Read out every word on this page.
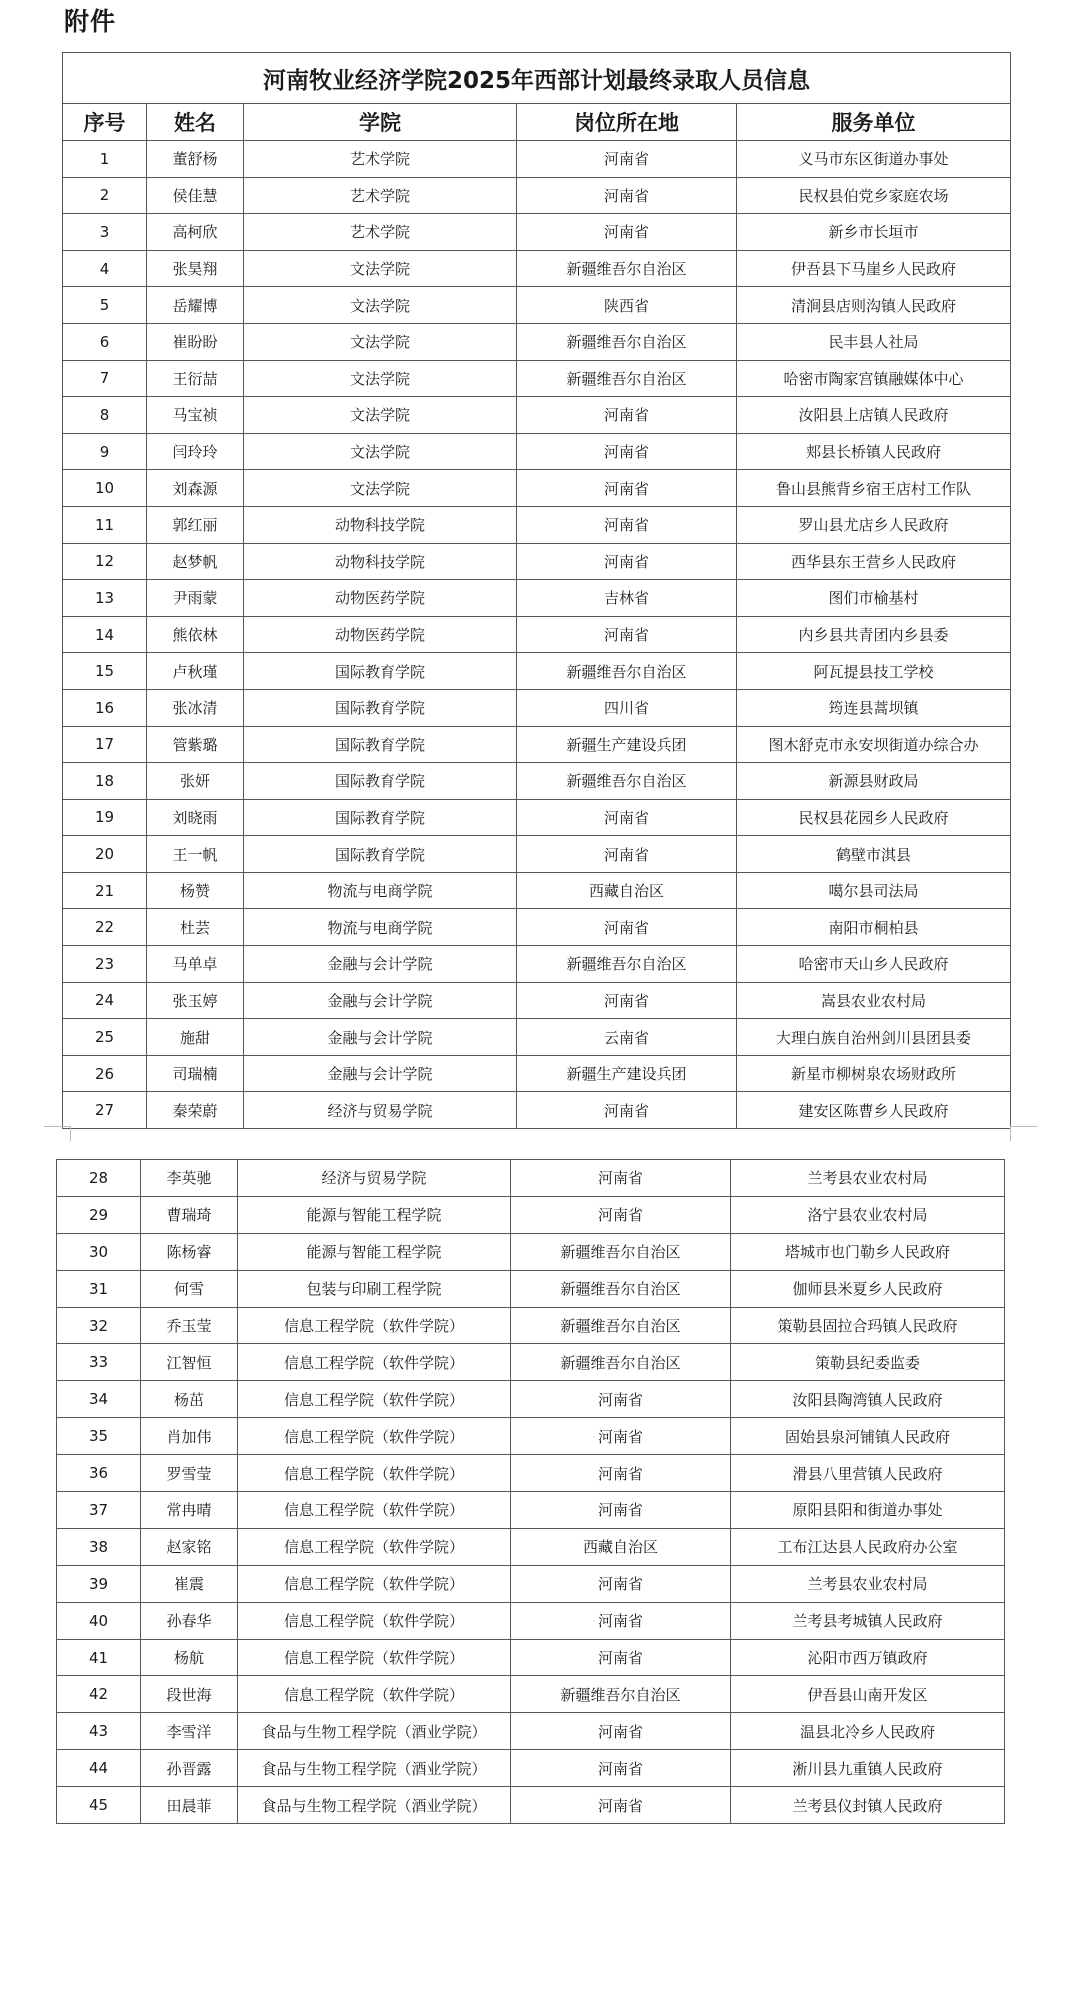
附件
河南牧业经济学院2025年西部计划最终录取人员信息				
序号	姓名	学院	岗位所在地	服务单位
1	董舒杨	艺术学院	河南省	义马市东区街道办事处
2	侯佳慧	艺术学院	河南省	民权县伯党乡家庭农场
3	高柯欣	艺术学院	河南省	新乡市长垣市
4	张昊翔	文法学院	新疆维吾尔自治区	伊吾县下马崖乡人民政府
5	岳耀博	文法学院	陕西省	清涧县店则沟镇人民政府
6	崔盼盼	文法学院	新疆维吾尔自治区	民丰县人社局
7	王衍喆	文法学院	新疆维吾尔自治区	哈密市陶家宫镇融媒体中心
8	马宝祯	文法学院	河南省	汝阳县上店镇人民政府
9	闫玲玲	文法学院	河南省	郏县长桥镇人民政府
10	刘森源	文法学院	河南省	鲁山县熊背乡宿王店村工作队
11	郭红丽	动物科技学院	河南省	罗山县尤店乡人民政府
12	赵梦帆	动物科技学院	河南省	西华县东王营乡人民政府
13	尹雨蒙	动物医药学院	吉林省	图们市榆基村
14	熊依林	动物医药学院	河南省	内乡县共青团内乡县委
15	卢秋瑾	国际教育学院	新疆维吾尔自治区	阿瓦提县技工学校
16	张冰清	国际教育学院	四川省	筠连县蒿坝镇
17	管紫璐	国际教育学院	新疆生产建设兵团	图木舒克市永安坝街道办综合办
18	张妍	国际教育学院	新疆维吾尔自治区	新源县财政局
19	刘晓雨	国际教育学院	河南省	民权县花园乡人民政府
20	王一帆	国际教育学院	河南省	鹤壁市淇县
21	杨赞	物流与电商学院	西藏自治区	噶尔县司法局
22	杜芸	物流与电商学院	河南省	南阳市桐柏县
23	马单卓	金融与会计学院	新疆维吾尔自治区	哈密市天山乡人民政府
24	张玉婷	金融与会计学院	河南省	嵩县农业农村局
25	施甜	金融与会计学院	云南省	大理白族自治州剑川县团县委
26	司瑞楠	金融与会计学院	新疆生产建设兵团	新星市柳树泉农场财政所
27	秦荣蔚	经济与贸易学院	河南省	建安区陈曹乡人民政府
28	李英驰	经济与贸易学院	河南省	兰考县农业农村局
29	曹瑞琦	能源与智能工程学院	河南省	洛宁县农业农村局
30	陈杨睿	能源与智能工程学院	新疆维吾尔自治区	塔城市也门勒乡人民政府
31	何雪	包装与印刷工程学院	新疆维吾尔自治区	伽师县米夏乡人民政府
32	乔玉莹	信息工程学院（软件学院）	新疆维吾尔自治区	策勒县固拉合玛镇人民政府
33	江智恒	信息工程学院（软件学院）	新疆维吾尔自治区	策勒县纪委监委
34	杨茁	信息工程学院（软件学院）	河南省	汝阳县陶湾镇人民政府
35	肖加伟	信息工程学院（软件学院）	河南省	固始县泉河铺镇人民政府
36	罗雪莹	信息工程学院（软件学院）	河南省	滑县八里营镇人民政府
37	常冉晴	信息工程学院（软件学院）	河南省	原阳县阳和街道办事处
38	赵家铭	信息工程学院（软件学院）	西藏自治区	工布江达县人民政府办公室
39	崔震	信息工程学院（软件学院）	河南省	兰考县农业农村局
40	孙春华	信息工程学院（软件学院）	河南省	兰考县考城镇人民政府
41	杨航	信息工程学院（软件学院）	河南省	沁阳市西万镇政府
42	段世海	信息工程学院（软件学院）	新疆维吾尔自治区	伊吾县山南开发区
43	李雪洋	食品与生物工程学院（酒业学院）	河南省	温县北冷乡人民政府
44	孙晋露	食品与生物工程学院（酒业学院）	河南省	淅川县九重镇人民政府
45	田晨菲	食品与生物工程学院（酒业学院）	河南省	兰考县仪封镇人民政府
